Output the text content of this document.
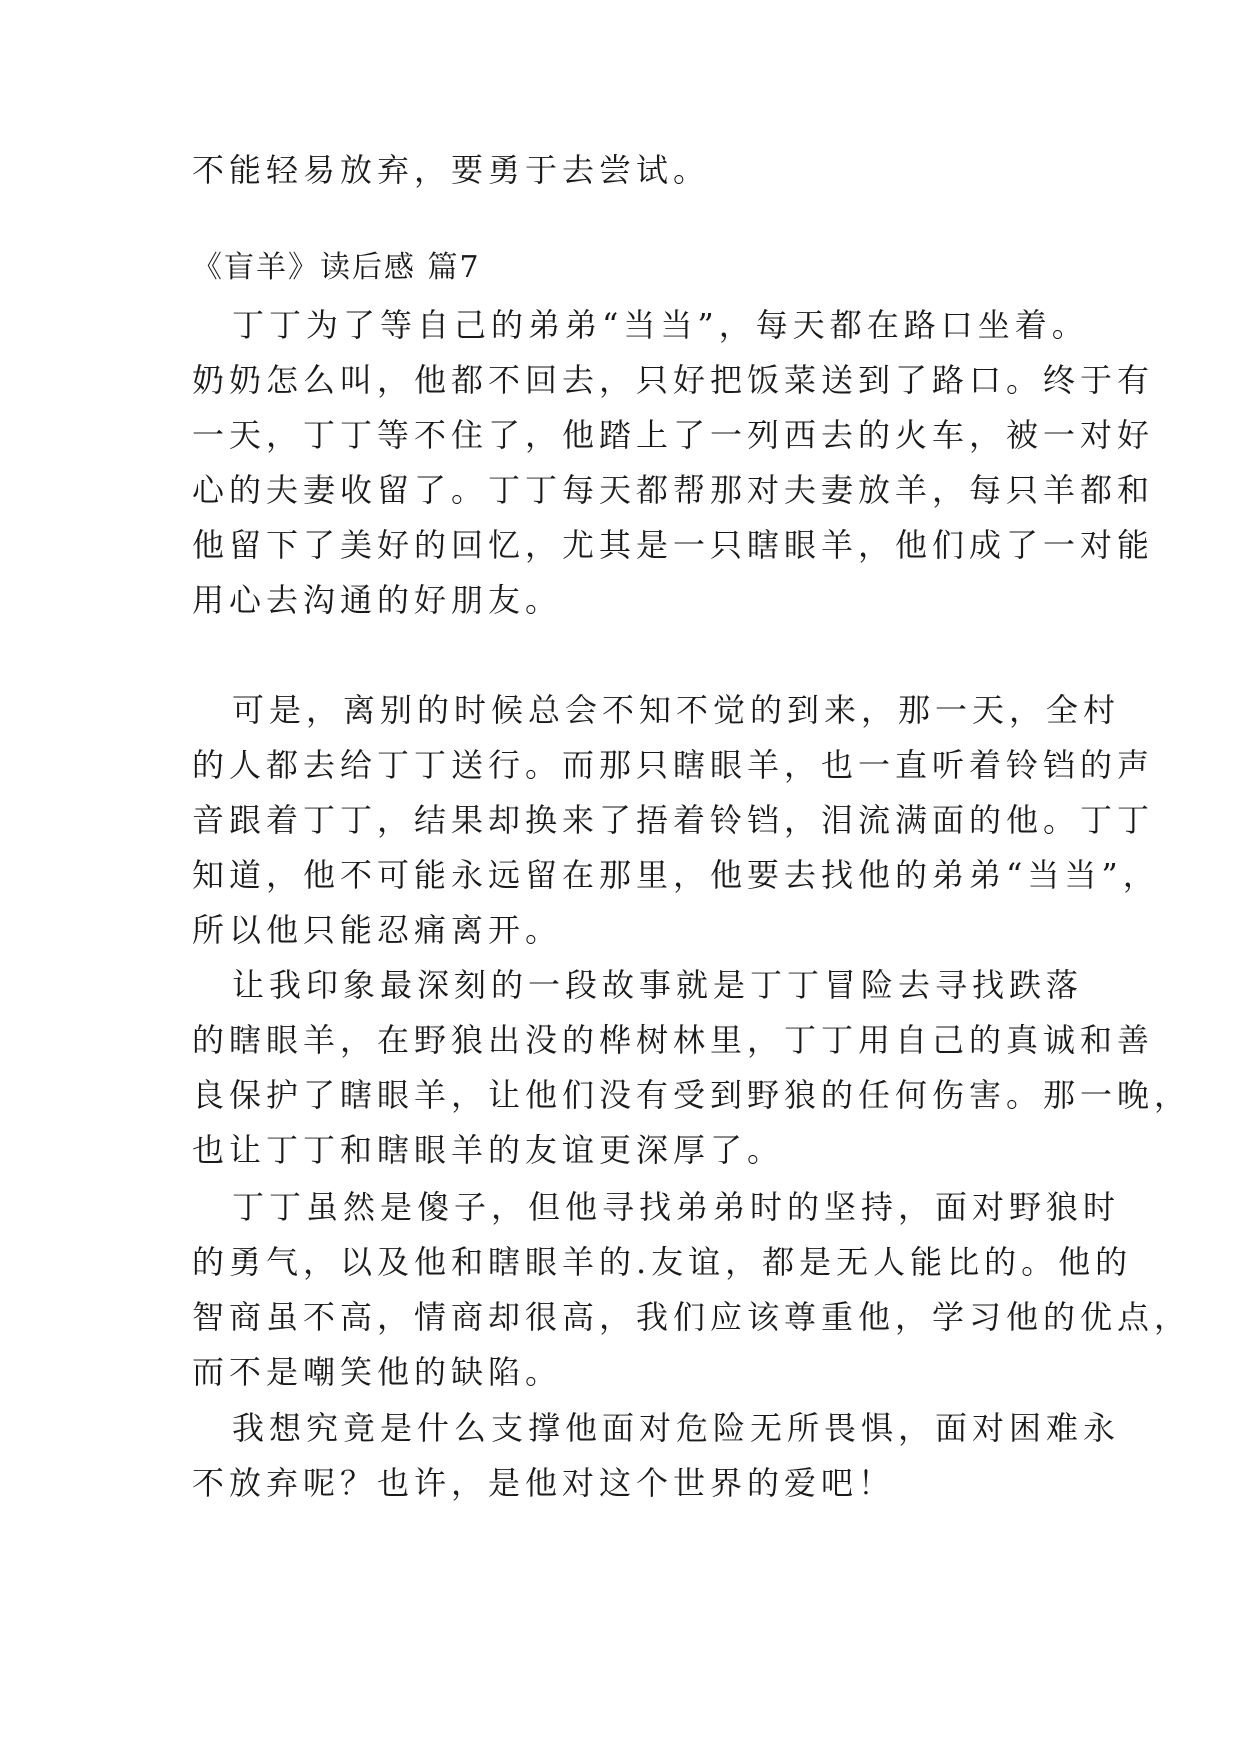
不能轻易放弃，要勇于去尝试。
《盲羊》读后感 篇7
丁丁为了等自己的弟弟“当当”，每天都在路口坐着。
奶奶怎么叫，他都不回去，只好把饭菜送到了路口。终于有
一天，丁丁等不住了，他踏上了一列西去的火车，被一对好
心的夫妻收留了。丁丁每天都帮那对夫妻放羊，每只羊都和
他留下了美好的回忆，尤其是一只瞎眼羊，他们成了一对能
用心去沟通的好朋友。
可是，离别的时候总会不知不觉的到来，那一天，全村
的人都去给丁丁送行。而那只瞎眼羊，也一直听着铃铛的声
音跟着丁丁，结果却换来了捂着铃铛，泪流满面的他。丁丁
知道，他不可能永远留在那里，他要去找他的弟弟“当当”，
所以他只能忍痛离开。
让我印象最深刻的一段故事就是丁丁冒险去寻找跌落
的瞎眼羊，在野狼出没的桦树林里，丁丁用自己的真诚和善
良保护了瞎眼羊，让他们没有受到野狼的任何伤害。那一晚，
也让丁丁和瞎眼羊的友谊更深厚了。
丁丁虽然是傻子，但他寻找弟弟时的坚持，面对野狼时
的勇气，以及他和瞎眼羊的.友谊，都是无人能比的。他的
智商虽不高，情商却很高，我们应该尊重他，学习他的优点，
而不是嘲笑他的缺陷。
我想究竟是什么支撑他面对危险无所畏惧，面对困难永
不放弃呢？也许，是他对这个世界的爱吧！
